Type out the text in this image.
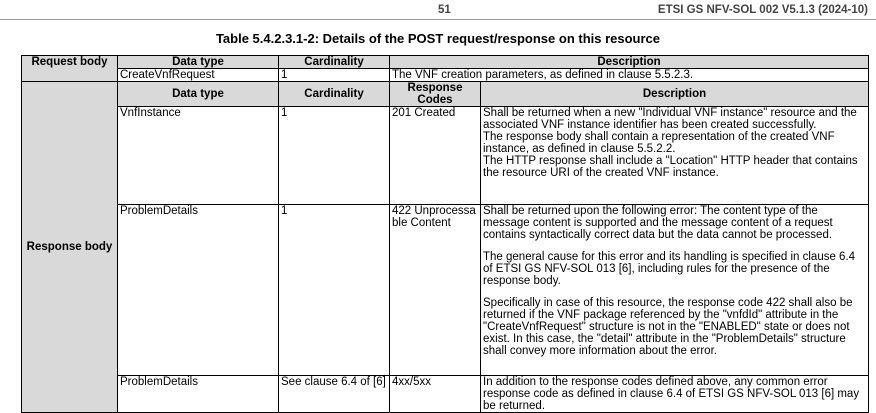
51	ETSI GS NFV-SOL 002 V5.1.3 (2024-10)
Table 5.4.2.3.1-2: Details of the POST request/response on this resource
Request body	Data type	Cardinality	Description	
	CreateVnfRequest	1	The VNF creation parameters, as defined in clause 5.5.2.3.	
Response body	Data type	Cardinality	Response Codes	Description
	VnfInstance	1	201 Created	Shall be returned when a new "Individual VNF instance" resource and the associated VNF instance identifier has been created successfully.
The response body shall contain a representation of the created VNF instance, as defined in clause 5.5.2.2.
The HTTP response shall include a "Location" HTTP header that contains the resource URI of the created VNF instance.
	ProblemDetails	1	422 Unprocessable Content	Shall be returned upon the following error: The content type of the message content is supported and the message content of a request contains syntactically correct data but the data cannot be processed.

The general cause for this error and its handling is specified in clause 6.4 of ETSI GS NFV-SOL 013 [6], including rules for the presence of the response body.

Specifically in case of this resource, the response code 422 shall also be returned if the VNF package referenced by the "vnfdId" attribute in the "CreateVnfRequest" structure is not in the "ENABLED" state or does not exist. In this case, the "detail" attribute in the "ProblemDetails" structure shall convey more information about the error.

	ProblemDetails	See clause 6.4 of [6]	4xx/5xx	In addition to the response codes defined above, any common error response code as defined in clause 6.4 of ETSI GS NFV-SOL 013 [6] may be returned.
